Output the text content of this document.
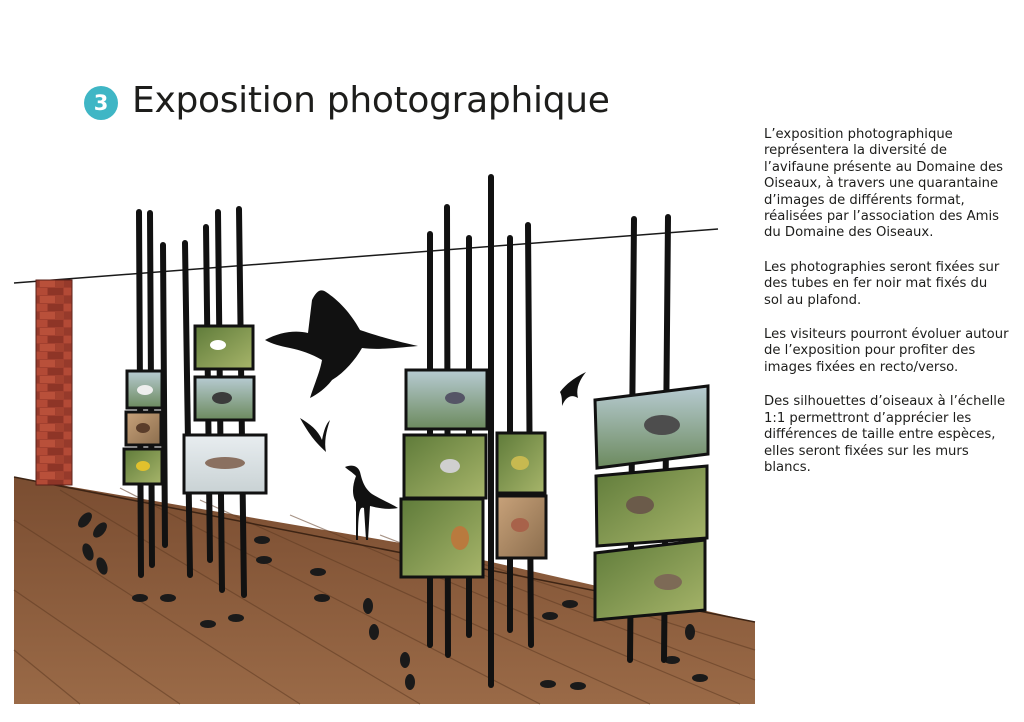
3 Exposition photographique

L’exposition photographique représentera la diversité de l’avifaune présente au Domaine des Oiseaux, à travers une quarantaine d’images de différents format, réalisées par l’association des Amis du Domaine des Oiseaux.

Les photographies seront fixées sur des tubes en fer noir mat fixés du sol au plafond.

Les visiteurs pourront évoluer autour de l’exposition pour profiter des images fixées en recto/verso.

Des silhouettes d’oiseaux à l’échelle 1:1 permettront d’apprécier les différences de taille entre espèces, elles seront fixées sur les murs blancs.
